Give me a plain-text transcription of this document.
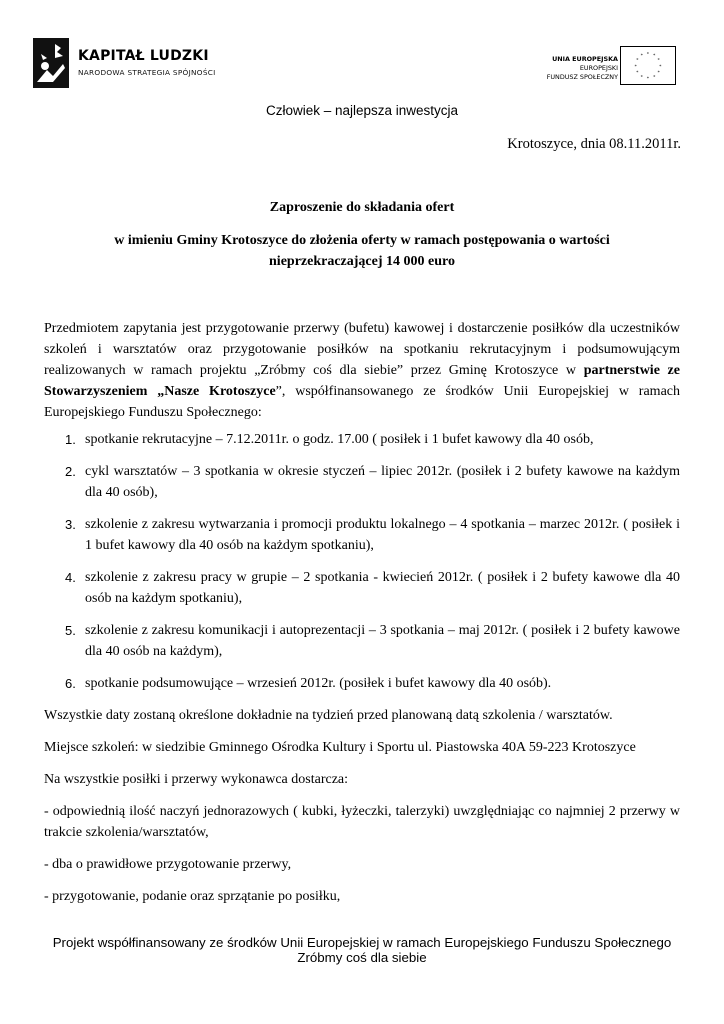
KAPITAŁ LUDZKI
NARODOWA STRATEGIA SPÓJNOŚCI
UNIA EUROPEJSKA
EUROPEJSKI
FUNDUSZ SPOŁECZNY
* *
*
*
*
*
*
*
*
*
*
*
Człowiek – najlepsza inwestycja
Krotoszyce, dnia 08.11.2011r.
Zaproszenie do składania ofert
w imieniu Gminy Krotoszyce do złożenia oferty w ramach postępowania o wartości
nieprzekraczającej 14 000 euro

Przedmiotem zapytania jest przygotowanie przerwy (bufetu) kawowej i dostarczenie posiłków dla uczestników szkoleń i warsztatów oraz przygotowanie posiłków na spotkaniu rekrutacyjnym i podsumowującym realizowanych w ramach projektu „Zróbmy coś dla siebie” przez Gminę Krotoszyce w partnerstwie ze Stowarzyszeniem „Nasze Krotoszyce”, współfinansowanego ze środków Unii Europejskiej w ramach Europejskiego Funduszu Społecznego:

1. spotkanie rekrutacyjne – 7.12.2011r. o godz. 17.00 ( posiłek i 1 bufet kawowy dla 40 osób,
2. cykl warsztatów – 3 spotkania w okresie styczeń – lipiec 2012r. (posiłek i 2 bufety kawowe na każdym dla 40 osób),
3. szkolenie z zakresu wytwarzania i promocji produktu lokalnego – 4 spotkania – marzec 2012r. ( posiłek i 1 bufet kawowy dla 40 osób na każdym spotkaniu),
4. szkolenie z zakresu pracy w grupie – 2 spotkania - kwiecień 2012r. ( posiłek i 2 bufety kawowe dla 40 osób na każdym spotkaniu),
5. szkolenie z zakresu komunikacji i autoprezentacji – 3 spotkania – maj 2012r. ( posiłek i 2 bufety kawowe dla 40 osób na każdym),
6. spotkanie podsumowujące – wrzesień 2012r. (posiłek i bufet kawowy dla 40 osób).

Wszystkie daty zostaną określone dokładnie na tydzień przed planowaną datą szkolenia / warsztatów.

Miejsce szkoleń: w siedzibie Gminnego Ośrodka Kultury i Sportu ul. Piastowska 40A 59-223 Krotoszyce

Na wszystkie posiłki i przerwy wykonawca dostarcza:

- odpowiednią ilość naczyń jednorazowych ( kubki, łyżeczki, talerzyki) uwzględniając co najmniej 2 przerwy w trakcie szkolenia/warsztatów,

- dba o prawidłowe przygotowanie przerwy,

- przygotowanie, podanie oraz sprzątanie po posiłku,

Projekt współfinansowany ze środków Unii Europejskiej w ramach Europejskiego Funduszu Społecznego
Zróbmy coś dla siebie
